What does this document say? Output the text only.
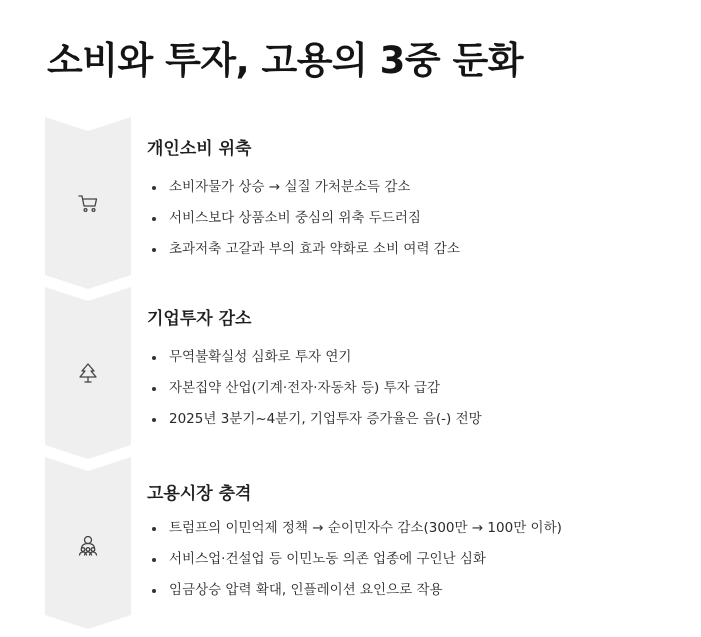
소비와 투자, 고용의 3중 둔화
개인소비 위축
소비자물가 상승 → 실질 가처분소득 감소
서비스보다 상품소비 중심의 위축 두드러짐
초과저축 고갈과 부의 효과 약화로 소비 여력 감소
기업투자 감소
무역불확실성 심화로 투자 연기
자본집약 산업(기계·전자·자동차 등) 투자 급감
2025년 3분기~4분기, 기업투자 증가율은 음(-) 전망
고용시장 충격
트럼프의 이민억제 정책 → 순이민자수 감소(300만 → 100만 이하)
서비스업·건설업 등 이민노동 의존 업종에 구인난 심화
임금상승 압력 확대, 인플레이션 요인으로 작용
